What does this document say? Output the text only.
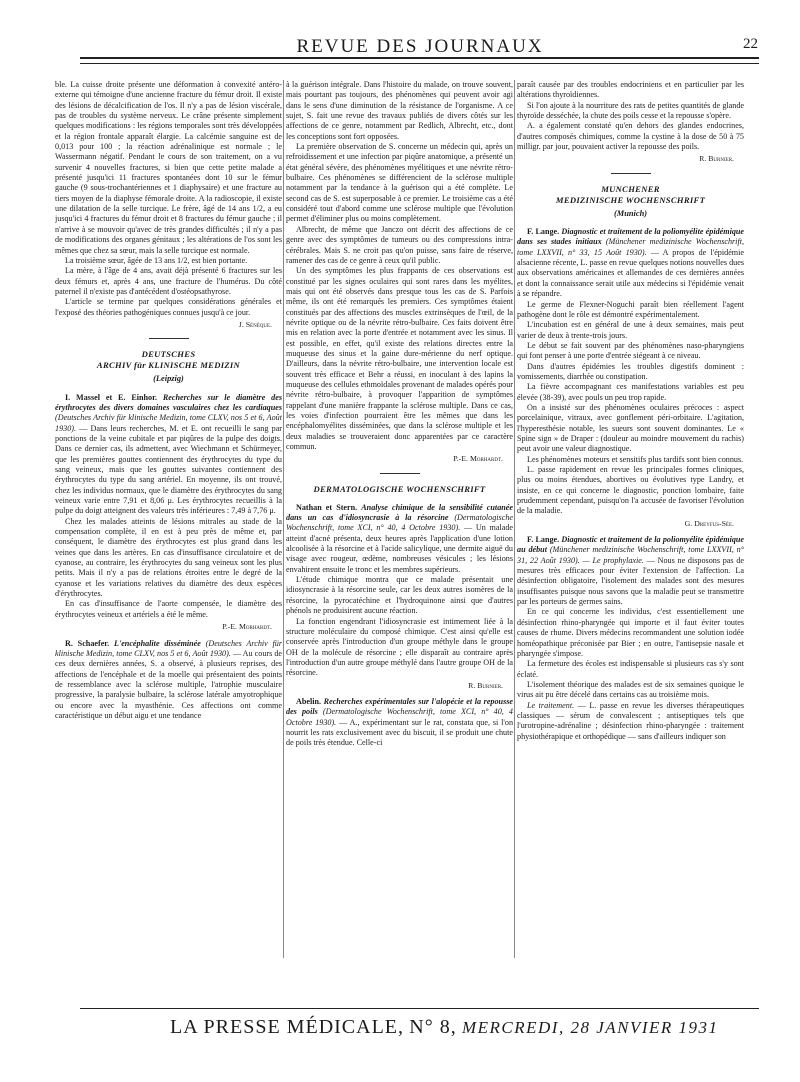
REVUE DES JOURNAUX	22

ble. La cuisse droite présente une déformation à convexité antéro-externe qui témoigne d'une ancienne fracture du fémur droit. Il existe des lésions de décalcification de l'os. Il n'y a pas de lésion viscérale, pas de troubles du système nerveux. Le crâne présente simplement quelques modifications : les régions temporales sont très développées et la région frontale apparaît élargie. La calcémie sanguine est de 0,013 pour 100 ; la réaction adrénalinique est normale ; le Wassermann négatif. Pendant le cours de son traitement, on a vu survenir 4 nouvelles fractures, si bien que cette petite malade a présenté jusqu'ici 11 fractures spontanées dont 10 sur le fémur gauche (9 sous-trochantériennes et 1 diaphysaire) et une fracture au tiers moyen de la diaphyse fémorale droite. A la radioscopie, il existe une dilatation de la selle turcique. Le frère, âgé de 14 ans 1/2, a eu jusqu'ici 4 fractures du fémur droit et 8 fractures du fémur gauche ; il n'arrive à se mouvoir qu'avec de très grandes difficultés ; il n'y a pas de modifications des organes génitaux ; les altérations de l'os sont les mêmes que chez sa sœur, mais la selle turcique est normale.

La troisième sœur, âgée de 13 ans 1/2, est bien portante.

La mère, à l'âge de 4 ans, avait déjà présenté 6 fractures sur les deux fémurs et, après 4 ans, une fracture de l'humérus. Du côté paternel il n'existe pas d'antécédent d'ostéopsathyrose.

L'article se termine par quelques considérations générales et l'exposé des théories pathogéniques connues jusqu'à ce jour.

J. Sénèque.
DEUTSCHES
ARCHIV für KLINISCHE MEDIZIN
(Leipzig)

I. Massel et E. Einhor. Recherches sur le diamètre des érythrocytes des divers domaines vasculaires chez les cardiaques (Deutsches Archiv für klinische Medizin, tome CLXV, nos 5 et 6, Août 1930). — Dans leurs recherches, M. et E. ont recueilli le sang par ponctions de la veine cubitale et par piqûres de la pulpe des doigts. Dans ce dernier cas, ils admettent, avec Wiechmann et Schürmeyer, que les premières gouttes contiennent des érythrocytes du type du sang veineux, mais que les gouttes suivantes contiennent des érythrocytes du type du sang artériel. En moyenne, ils ont trouvé, chez les individus normaux, que le diamètre des érythrocytes du sang veineux varie entre 7,91 et 8,06 μ. Les érythrocytes recueillis à la pulpe du doigt atteignent des valeurs très inférieures : 7,49 à 7,76 μ.

Chez les malades atteints de lésions mitrales au stade de la compensation complète, il en est à peu près de même et, par conséquent, le diamètre des érythrocytes est plus grand dans les veines que dans les artères. En cas d'insuffisance circulatoire et de cyanose, au contraire, les érythrocytes du sang veineux sont les plus petits. Mais il n'y a pas de relations étroites entre le degré de la cyanose et les variations relatives du diamètre des deux espèces d'érythrocytes.

En cas d'insuffisance de l'aorte compensée, le diamètre des érythrocytes veineux et artériels a été le même.

P.-E. Morhardt.

R. Schaefer. L'encéphalite disséminée (Deutsches Archiv für klinische Medizin, tome CLXV, nos 5 et 6, Août 1930). — Au cours de ces deux dernières années, S. a observé, à plusieurs reprises, des affections de l'encéphale et de la moelle qui présentaient des points de ressemblance avec la sclérose multiple, l'atrophie musculaire progressive, la paralysie bulbaire, la sclérose latérale amyotrophique ou encore avec la myasthénie. Ces affections ont comme caractéristique un début aigu et une tendance

à la guérison intégrale. Dans l'histoire du malade, on trouve souvent, mais pourtant pas toujours, des phénomènes qui peuvent avoir agi dans le sens d'une diminution de la résistance de l'organisme. A ce sujet, S. fait une revue des travaux publiés de divers côtés sur les affections de ce genre, notamment par Redlich, Albrecht, etc., dont les conceptions sont fort opposées.

La première observation de S. concerne un médecin qui, après un refroidissement et une infection par piqûre anatomique, a présenté un état général sévère, des phénomènes myélitiques et une névrite rétro-bulbaire. Ces phénomènes se différencient de la sclérose multiple notamment par la tendance à la guérison qui a été complète. Le second cas de S. est superposable à ce premier. Le troisième cas a été considéré tout d'abord comme une sclérose multiple que l'évolution permet d'éliminer plus ou moins complètement.

Albrecht, de même que Janczo ont décrit des affections de ce genre avec des symptômes de tumeurs ou des compressions intra-cérébrales. Mais S. ne croit pas qu'on puisse, sans faire de réserve, ramener des cas de ce genre à ceux qu'il public.

Un des symptômes les plus frappants de ces observations est constitué par les signes oculaires qui sont rares dans les myélites, mais qui ont été observés dans presque tous les cas de S. Parfois même, ils ont été remarqués les premiers. Ces symptômes étaient constitués par des affections des muscles extrinsèques de l'œil, de la névrite optique ou de la névrite rétro-bulbaire. Ces faits doivent être mis en relation avec la porte d'entrée et notamment avec les sinus. Il est possible, en effet, qu'il existe des relations directes entre la muqueuse des sinus et la gaine dure-mérienne du nerf optique. D'ailleurs, dans la névrite rétro-bulbaire, une intervention locale est souvent très efficace et Behr a réussi, en inoculant à des lapins la muqueuse des cellules ethmoïdales provenant de malades opérés pour névrite rétro-bulbaire, à provoquer l'apparition de symptômes rappelant d'une manière frappante la sclérose multiple. Dans ce cas, les voies d'infection pourraient être les mêmes que dans les encéphalomyélites disséminées, que dans la sclérose multiple et les deux maladies se trouveraient donc apparentées par ce caractère commun.

P.-E. Morhardt.
DERMATOLOGISCHE WOCHENSCHRIFT

Nathan et Stern. Analyse chimique de la sensibilité cutanée dans un cas d'idiosyncrasie à la résorcine (Dermatologische Wochenschrift, tome XCI, n° 40, 4 Octobre 1930). — Un malade atteint d'acné présenta, deux heures après l'application d'une lotion alcoolisée à la résorcine et à l'acide salicylique, une dermite aiguë du visage avec rougeur, œdème, nombreuses vésicules ; les lésions envahirent ensuite le tronc et les membres supérieurs.

L'étude chimique montra que ce malade présentait une idiosyncrasie à la résorcine seule, car les deux autres isomères de la résorcine, la pyrocatéchine et l'hydroquinone ainsi que d'autres phénols ne produisirent aucune réaction.

La fonction engendrant l'idiosyncrasie est intimement liée à la structure moléculaire du composé chimique. C'est ainsi qu'elle est conservée après l'introduction d'un groupe méthyle dans le groupe OH de la molécule de résorcine ; elle disparaît au contraire après l'introduction d'un autre groupe méthylé dans l'autre groupe OH de la résorcine.

R. Burnier.

Abelin. Recherches expérimentales sur l'alopécie et la repousse des poils (Dermatologische Wochenschrift, tome XCI, n° 40, 4 Octobre 1930). — A., expérimentant sur le rat, constata que, si l'on nourrit les rats exclusivement avec du biscuit, il se produit une chute de poils très étendue. Celle-ci

paraît causée par des troubles endocriniens et en particulier par les altérations thyroïdiennes.

Si l'on ajoute à la nourriture des rats de petites quantités de glande thyroïde desséchée, la chute des poils cesse et la repousse s'opère.

A. a également constaté qu'en dehors des glandes endocrines, d'autres composés chimiques, comme la cystine à la dose de 50 à 75 milligr. par jour, pouvaient activer la repousse des poils.

R. Burnier.
MUNCHENER
MEDIZINISCHE WOCHENSCHRIFT
(Munich)

F. Lange. Diagnostic et traitement de la poliomyélite épidémique dans ses stades initiaux (Münchener medizinische Wochenschrift, tome LXXVII, n° 33, 15 Août 1930). — A propos de l'épidémie alsacienne récente, L. passe en revue quelques notions nouvelles dues aux observations américaines et allemandes de ces dernières années et dont la connaissance serait utile aux médecins si l'épidémie venait à se répandre.

Le germe de Flexner-Noguchi paraît bien réellement l'agent pathogène dont le rôle est démontré expérimentalement.

L'incubation est en général de une à deux semaines, mais peut varier de deux à trente-trois jours.

Le début se fait souvent par des phénomènes naso-pharyngiens qui font penser à une porte d'entrée siégeant à ce niveau.

Dans d'autres épidémies les troubles digestifs dominent : vomissements, diarrhée ou constipation.

La fièvre accompagnant ces manifestations variables est peu élevée (38-39), avec pouls un peu trop rapide.

On a insisté sur des phénomènes oculaires précoces : aspect porcelainique, vitraux, avec gonflement péri-orbitaire. L'agitation, l'hyperesthésie notable, les sueurs sont souvent dominantes. Le « Spine sign » de Draper : (douleur au moindre mouvement du rachis) peut avoir une valeur diagnostique.

Les phénomènes moteurs et sensitifs plus tardifs sont bien connus.

L. passe rapidement en revue les principales formes cliniques, plus ou moins étendues, abortives ou évolutives type Landry, et insiste, en ce qui concerne le diagnostic, ponction lombaire, faite prudemment cependant, puisqu'on l'a accusée de favoriser l'évolution de la maladie.

G. Dreyfus-Sée.

F. Lange. Diagnostic et traitement de la poliomyélite épidémique au début (Münchener medizinische Wochenschrift, tome LXXVII, n° 31, 22 Août 1930). — Le prophylaxie. — Nous ne disposons pas de mesures très efficaces pour éviter l'extension de l'affection. La désinfection obligatoire, l'isolement des malades sont des mesures insuffisantes puisque nous savons que la maladie peut se transmettre par les porteurs de germes sains.

En ce qui concerne les individus, c'est essentiellement une désinfection rhino-pharyngée qui importe et il faut éviter toutes causes de rhume. Divers médecins recommandent une solution iodée homéopathique préconisée par Bier ; en outre, l'antisepsie nasale et pharyngée s'impose.

La fermeture des écoles est indispensable si plusieurs cas s'y sont éclaté.

L'isolement théorique des malades est de six semaines quoique le virus ait pu être décelé dans certains cas au troisième mois.

Le traitement. — L. passe en revue les diverses thérapeutiques classiques — sérum de convalescent ; antiseptiques tels que l'urotropine-adrénaline ; désinfection rhino-pharyngée : traitement physiothérapique et orthopédique — sans d'ailleurs indiquer son

LA PRESSE MÉDICALE, N° 8, MERCREDI, 28 JANVIER 1931
